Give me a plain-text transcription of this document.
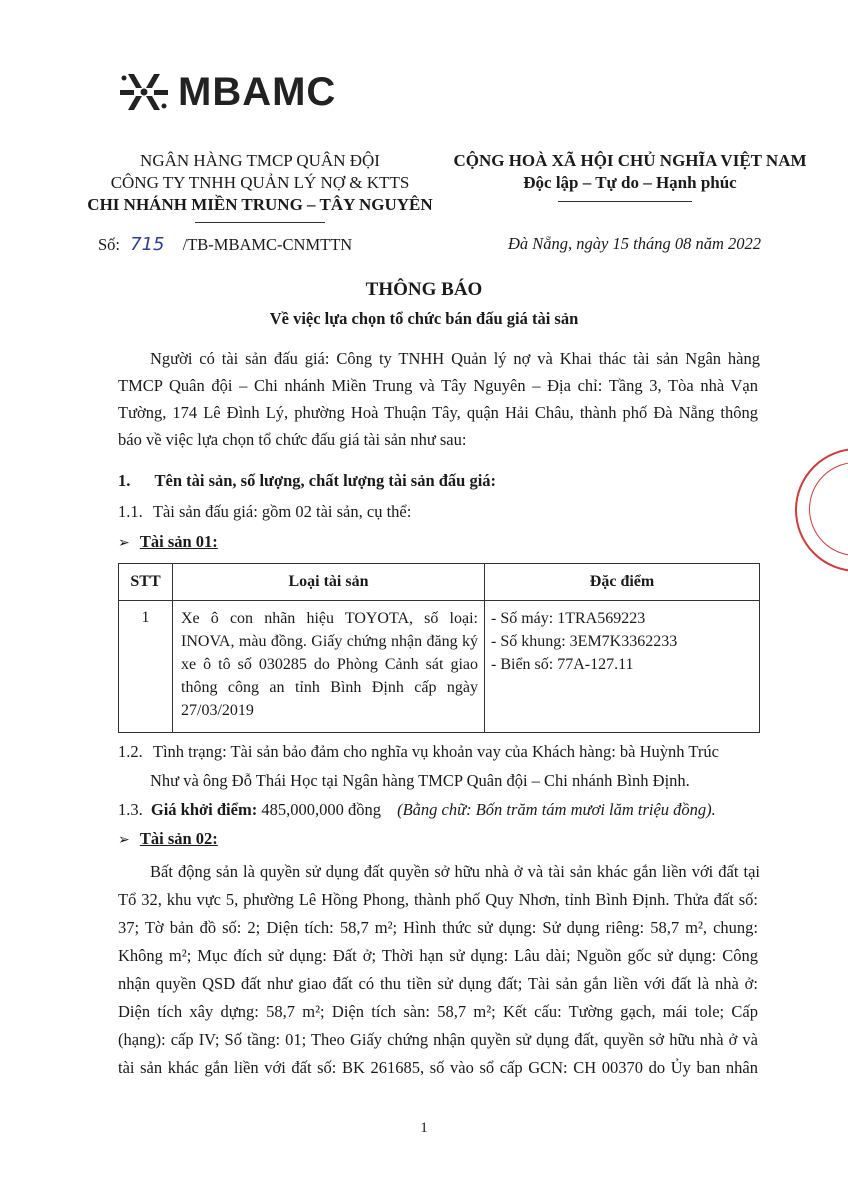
MBAMC
NGÂN HÀNG TMCP QUÂN ĐỘI
CÔNG TY TNHH QUẢN LÝ NỢ & KTTS
CHI NHÁNH MIỀN TRUNG – TÂY NGUYÊN
CỘNG HOÀ XÃ HỘI CHỦ NGHĨA VIỆT NAM
Độc lập – Tự do – Hạnh phúc
Số: 715 /TB-MBAMC-CNMTTN	Đà Nẵng, ngày 15 tháng 08 năm 2022
THÔNG BÁO
Về việc lựa chọn tổ chức bán đấu giá tài sản
Người có tài sản đấu giá: Công ty TNHH Quản lý nợ và Khai thác tài sản Ngân hàng
TMCP Quân đội – Chi nhánh Miền Trung và Tây Nguyên – Địa chỉ: Tầng 3, Tòa nhà Vạn
Tường, 174 Lê Đình Lý, phường Hoà Thuận Tây, quận Hải Châu, thành phố Đà Nẵng thông
báo về việc lựa chọn tổ chức đấu giá tài sản như sau:
1. Tên tài sản, số lượng, chất lượng tài sản đấu giá:
1.1. Tài sản đấu giá: gồm 02 tài sản, cụ thể:
➢ Tài sản 01:
STT	Loại tài sản	Đặc điểm
1	Xe ô con nhãn hiệu TOYOTA, số loại: INOVA, màu đồng. Giấy chứng nhận đăng ký xe ô tô số 030285 do Phòng Cảnh sát giao thông công an tỉnh Bình Định cấp ngày 27/03/2019	- Số máy: 1TRA569223
- Số khung: 3EM7K3362233
- Biển số: 77A-127.11
1.2. Tình trạng: Tài sản bảo đảm cho nghĩa vụ khoản vay của Khách hàng: bà Huỳnh Trúc
Như và ông Đỗ Thái Học tại Ngân hàng TMCP Quân đội – Chi nhánh Bình Định.
1.3. Giá khởi điểm: 485,000,000 đồng (Bằng chữ: Bốn trăm tám mươi lăm triệu đồng).
➢ Tài sản 02:
Bất động sản là quyền sử dụng đất quyền sở hữu nhà ở và tài sản khác gắn liền với đất tại
Tổ 32, khu vực 5, phường Lê Hồng Phong, thành phố Quy Nhơn, tỉnh Bình Định. Thửa đất số:
37; Tờ bản đồ số: 2; Diện tích: 58,7 m²; Hình thức sử dụng: Sử dụng riêng: 58,7 m², chung:
Không m²; Mục đích sử dụng: Đất ở; Thời hạn sử dụng: Lâu dài; Nguồn gốc sử dụng: Công
nhận quyền QSD đất như giao đất có thu tiền sử dụng đất; Tài sản gắn liền với đất là nhà ở:
Diện tích xây dựng: 58,7 m²; Diện tích sàn: 58,7 m²; Kết cấu: Tường gạch, mái tole; Cấp
(hạng): cấp IV; Số tầng: 01; Theo Giấy chứng nhận quyền sử dụng đất, quyền sở hữu nhà ở và
tài sản khác gắn liền với đất số: BK 261685, số vào sổ cấp GCN: CH 00370 do Ủy ban nhân
1
